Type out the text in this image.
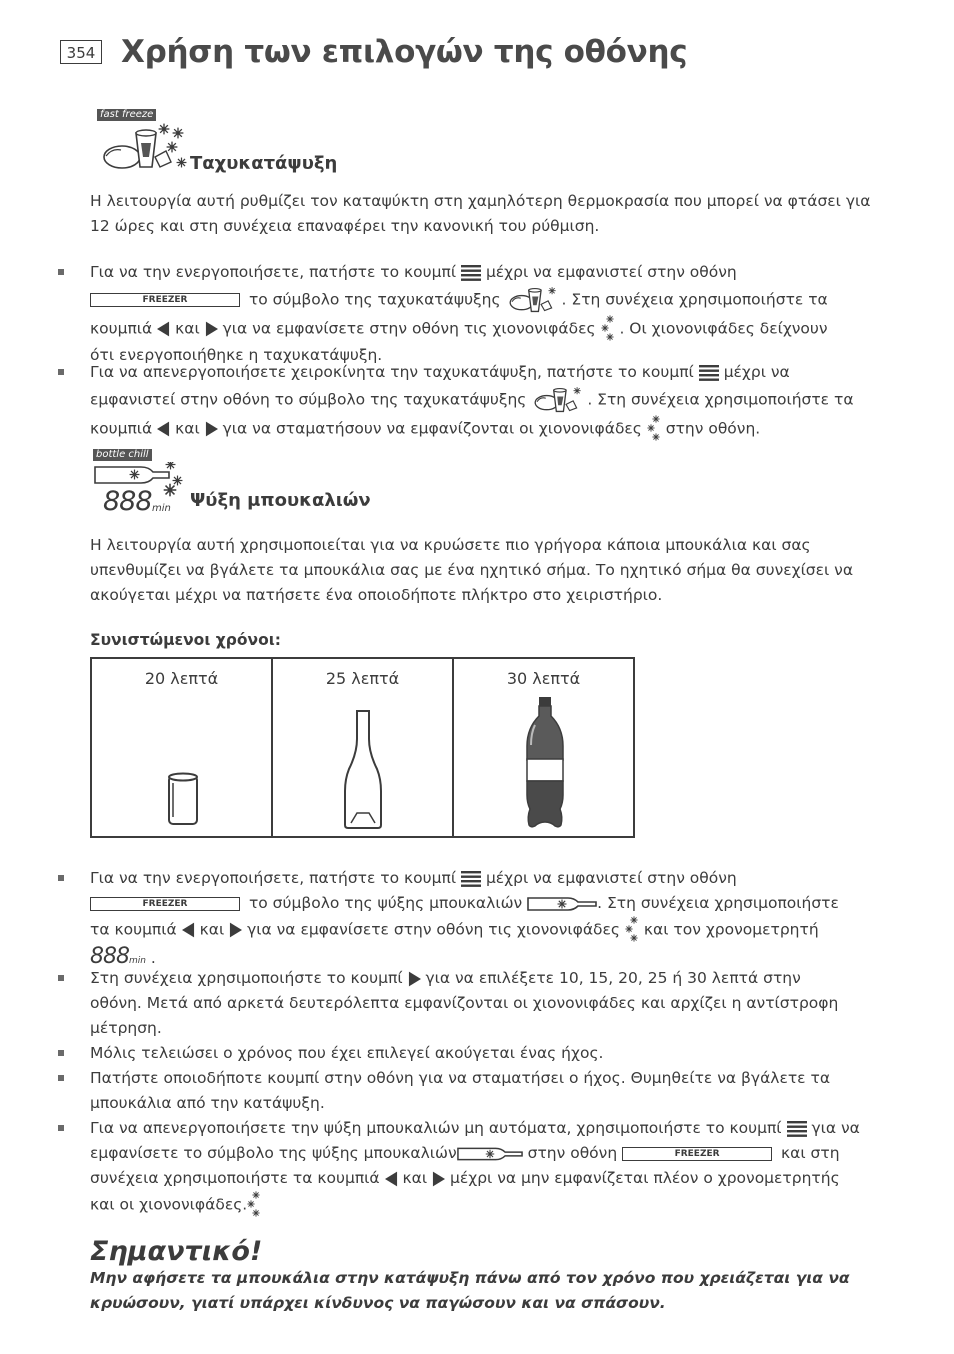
354 Χρήση των επιλογών της οθόνης
fast freeze
Ταχυκατάψυξη

Η λειτουργία αυτή ρυθμίζει τον καταψύκτη στη χαμηλότερη θερμοκρασία που μπορεί να φτάσει για 12 ώρες και στη συνέχεια επαναφέρει την κανονική του ρύθμιση.

Για να την ενεργοποιήσετε, πατήστε το κουμπί μέχρι να εμφανιστεί στην οθόνη
FREEZER	το σύμβολο της ταχυκατάψυξης	. Στη συνέχεια χρησιμοποιήστε τα
κουμπιά και για να εμφανίσετε στην οθόνη τις χιονονιφάδες . Οι χιονονιφάδες δείχνουν
ότι ενεργοποιήθηκε η ταχυκατάψυξη.
Για να απενεργοποιήσετε χειροκίνητα την ταχυκατάψυξη, πατήστε το κουμπί μέχρι να
εμφανιστεί στην οθόνη το σύμβολο της ταχυκατάψυξης	. Στη συνέχεια χρησιμοποιήστε τα
κουμπιά και για να σταματήσουν να εμφανίζονται οι χιονονιφάδες στην οθόνη.
bottle chill
888 min Ψύξη μπουκαλιών

Η λειτουργία αυτή χρησιμοποιείται για να κρυώσετε πιο γρήγορα κάποια μπουκάλια και σας υπενθυμίζει να βγάλετε τα μπουκάλια σας με ένα ηχητικό σήμα. Το ηχητικό σήμα θα συνεχίσει να ακούγεται μέχρι να πατήσετε ένα οποιοδήποτε πλήκτρο στο χειριστήριο.

Συνιστώμενοι χρόνοι:

20 λεπτά	25 λεπτά	30 λεπτά
Για να την ενεργοποιήσετε, πατήστε το κουμπί μέχρι να εμφανιστεί στην οθόνη
FREEZER	το σύμβολο της ψύξης μπουκαλιών	. Στη συνέχεια χρησιμοποιήστε
τα κουμπιά και για να εμφανίσετε στην οθόνη τις χιονονιφάδες και τον χρονομετρητή
888min .
Στη συνέχεια χρησιμοποιήστε το κουμπί για να επιλέξετε 10, 15, 20, 25 ή 30 λεπτά στην
οθόνη. Μετά από αρκετά δευτερόλεπτα εμφανίζονται οι χιονονιφάδες και αρχίζει η αντίστροφη
μέτρηση.
Μόλις τελειώσει ο χρόνος που έχει επιλεγεί ακούγεται ένας ήχος.
Πατήστε οποιοδήποτε κουμπί στην οθόνη για να σταματήσει ο ήχος. Θυμηθείτε να βγάλετε τα
μπουκάλια από την κατάψυξη.
Για να απενεργοποιήσετε την ψύξη μπουκαλιών μη αυτόματα, χρησιμοποιήστε το κουμπί για να
εμφανίσετε το σύμβολο της ψύξης μπουκαλιών	στην οθόνη	FREEZER	και στη
συνέχεια χρησιμοποιήστε τα κουμπιά και μέχρι να μην εμφανίζεται πλέον ο χρονομετρητής
και οι χιονονιφάδες.
Σημαντικό!

Μην αφήσετε τα μπουκάλια στην κατάψυξη πάνω από τον χρόνο που χρειάζεται για να κρυώσουν, γιατί υπάρχει κίνδυνος να παγώσουν και να σπάσουν.
